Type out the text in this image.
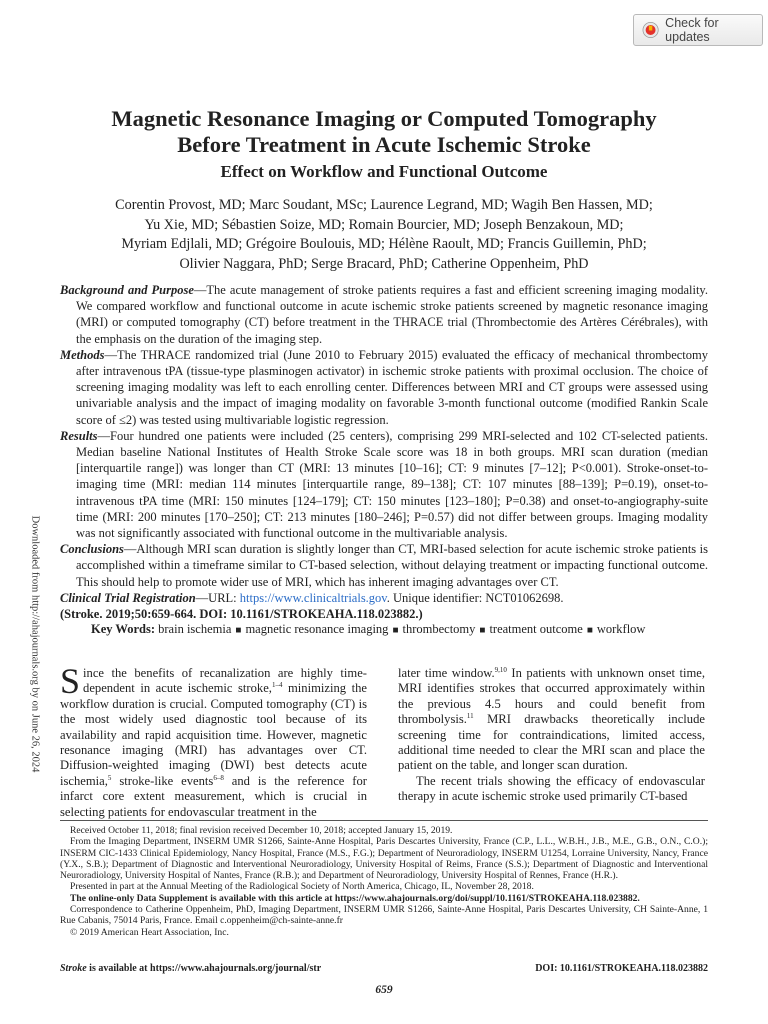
Check for updates
Downloaded from http://ahajournals.org by on June 26, 2024
Magnetic Resonance Imaging or Computed Tomography
Before Treatment in Acute Ischemic Stroke
Effect on Workflow and Functional Outcome
Corentin Provost, MD; Marc Soudant, MSc; Laurence Legrand, MD; Wagih Ben Hassen, MD;
Yu Xie, MD; Sébastien Soize, MD; Romain Bourcier, MD; Joseph Benzakoun, MD;
Myriam Edjlali, MD; Grégoire Boulouis, MD; Hélène Raoult, MD; Francis Guillemin, PhD;
Olivier Naggara, PhD; Serge Bracard, PhD; Catherine Oppenheim, PhD

Background and Purpose—The acute management of stroke patients requires a fast and efficient screening imaging modality. We compared workflow and functional outcome in acute ischemic stroke patients screened by magnetic resonance imaging (MRI) or computed tomography (CT) before treatment in the THRACE trial (Thrombectomie des Artères Cérébrales), with the emphasis on the duration of the imaging step.

Methods—The THRACE randomized trial (June 2010 to February 2015) evaluated the efficacy of mechanical thrombectomy after intravenous tPA (tissue-type plasminogen activator) in ischemic stroke patients with proximal occlusion. The choice of screening imaging modality was left to each enrolling center. Differences between MRI and CT groups were assessed using univariable analysis and the impact of imaging modality on favorable 3-month functional outcome (modified Rankin Scale score of ≤2) was tested using multivariable logistic regression.

Results—Four hundred one patients were included (25 centers), comprising 299 MRI-selected and 102 CT-selected patients. Median baseline National Institutes of Health Stroke Scale score was 18 in both groups. MRI scan duration (median [interquartile range]) was longer than CT (MRI: 13 minutes [10–16]; CT: 9 minutes [7–12]; P<0.001). Stroke-onset-to-imaging time (MRI: median 114 minutes [interquartile range, 89–138]; CT: 107 minutes [88–139]; P=0.19), onset-to-intravenous tPA time (MRI: 150 minutes [124–179]; CT: 150 minutes [123–180]; P=0.38) and onset-to-angiography-suite time (MRI: 200 minutes [170–250]; CT: 213 minutes [180–246]; P=0.57) did not differ between groups. Imaging modality was not significantly associated with functional outcome in the multivariable analysis.

Conclusions—Although MRI scan duration is slightly longer than CT, MRI-based selection for acute ischemic stroke patients is accomplished within a timeframe similar to CT-based selection, without delaying treatment or impacting functional outcome. This should help to promote wider use of MRI, which has inherent imaging advantages over CT.

Clinical Trial Registration—URL: https://www.clinicaltrials.gov. Unique identifier: NCT01062698.

(Stroke. 2019;50:659-664. DOI: 10.1161/STROKEAHA.118.023882.)

Key Words: brain ischemia ■ magnetic resonance imaging ■ thrombectomy ■ treatment outcome ■ workflow

Since the benefits of recanalization are highly time-dependent in acute ischemic stroke,$^{1-4}$ minimizing the workflow duration is crucial. Computed tomography (CT) is the most widely used diagnostic tool because of its availability and rapid acquisition time. However, magnetic resonance imaging (MRI) has advantages over CT. Diffusion-weighted imaging (DWI) best detects acute ischemia,$^5$ stroke-like events$^{6-8}$ and is the reference for infarct core extent measurement, which is crucial in selecting patients for endovascular treatment in the

later time window.$^{9,10}$ In patients with unknown onset time, MRI identifies strokes that occurred approximately within the previous 4.5 hours and could benefit from thrombolysis.$^{11}$ MRI drawbacks theoretically include screening time for contraindications, limited access, additional time needed to clear the MRI scan and place the patient on the table, and longer scan duration.

The recent trials showing the efficacy of endovascular therapy in acute ischemic stroke used primarily CT-based

Received October 11, 2018; final revision received December 10, 2018; accepted January 15, 2019.

From the Imaging Department, INSERM UMR S1266, Sainte-Anne Hospital, Paris Descartes University, France (C.P., L.L., W.B.H., J.B., M.E., G.B., O.N., C.O.); INSERM CIC-1433 Clinical Epidemiology, Nancy Hospital, France (M.S., F.G.); Department of Neuroradiology, INSERM U1254, Lorraine University, Nancy, France (Y.X., S.B.); Department of Diagnostic and Interventional Neuroradiology, University Hospital of Reims, France (S.S.); Department of Diagnostic and Interventional Neuroradiology, University Hospital of Nantes, France (R.B.); and Department of Neuroradiology, University Hospital of Rennes, France (H.R.).

Presented in part at the Annual Meeting of the Radiological Society of North America, Chicago, IL, November 28, 2018.

The online-only Data Supplement is available with this article at https://www.ahajournals.org/doi/suppl/10.1161/STROKEAHA.118.023882.

Correspondence to Catherine Oppenheim, PhD, Imaging Department, INSERM UMR S1266, Sainte-Anne Hospital, Paris Descartes University, CH Sainte-Anne, 1 Rue Cabanis, 75014 Paris, France. Email c.oppenheim@ch-sainte-anne.fr

© 2019 American Heart Association, Inc.

Stroke is available at https://www.ahajournals.org/journal/str	DOI: 10.1161/STROKEAHA.118.023882
659
